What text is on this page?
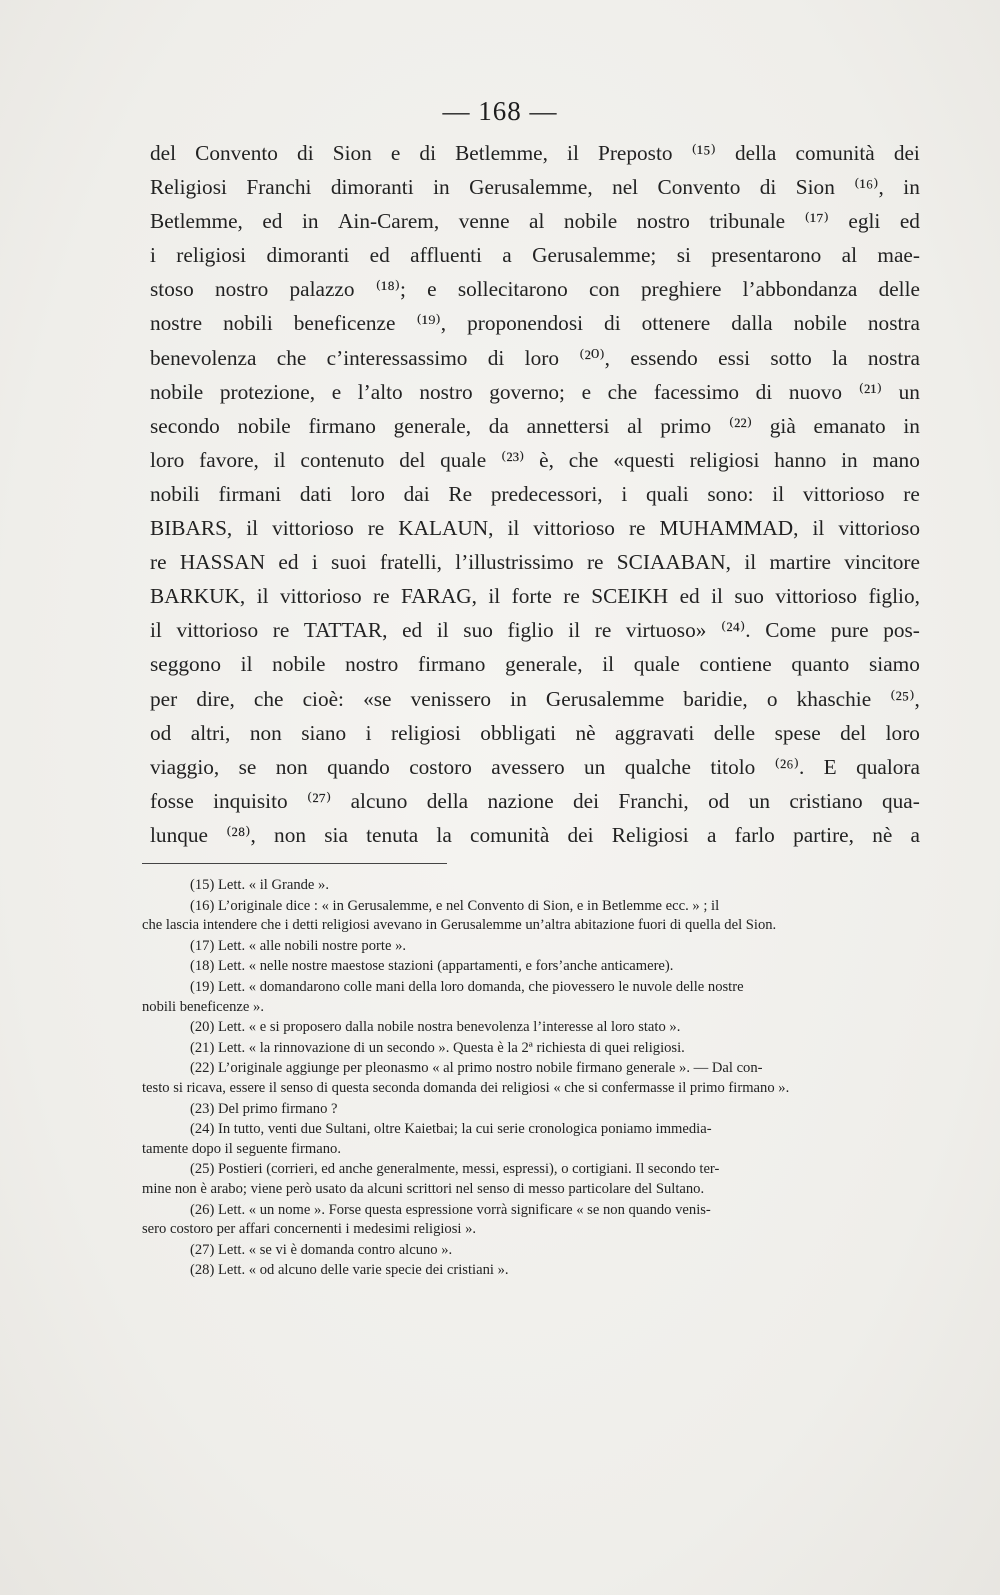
— 168 —
del Convento di Sion e di Betlemme, il Preposto ⁽¹⁵⁾ della comunità dei
Religiosi Franchi dimoranti in Gerusalemme, nel Convento di Sion ⁽¹⁶⁾, in
Betlemme, ed in Ain-Carem, venne al nobile nostro tribunale ⁽¹⁷⁾ egli ed
i religiosi dimoranti ed affluenti a Gerusalemme; si presentarono al mae-
stoso nostro palazzo ⁽¹⁸⁾; e sollecitarono con preghiere l’abbondanza delle
nostre nobili beneficenze ⁽¹⁹⁾, proponendosi di ottenere dalla nobile nostra
benevolenza che c’interessassimo di loro ⁽²⁰⁾, essendo essi sotto la nostra
nobile protezione, e l’alto nostro governo; e che facessimo di nuovo ⁽²¹⁾ un
secondo nobile firmano generale, da annettersi al primo ⁽²²⁾ già emanato in
loro favore, il contenuto del quale ⁽²³⁾ è, che «questi religiosi hanno in mano
nobili firmani dati loro dai Re predecessori, i quali sono: il vittorioso re
BIBARS, il vittorioso re KALAUN, il vittorioso re MUHAMMAD, il vittorioso
re HASSAN ed i suoi fratelli, l’illustrissimo re SCIAABAN, il martire vincitore
BARKUK, il vittorioso re FARAG, il forte re SCEIKH ed il suo vittorioso figlio,
il vittorioso re TATTAR, ed il suo figlio il re virtuoso» ⁽²⁴⁾. Come pure pos-
seggono il nobile nostro firmano generale, il quale contiene quanto siamo
per dire, che cioè: «se venissero in Gerusalemme baridie, o khaschie ⁽²⁵⁾,
od altri, non siano i religiosi obbligati nè aggravati delle spese del loro
viaggio, se non quando costoro avessero un qualche titolo ⁽²⁶⁾. E qualora
fosse inquisito ⁽²⁷⁾ alcuno della nazione dei Franchi, od un cristiano qua-
lunque ⁽²⁸⁾, non sia tenuta la comunità dei Religiosi a farlo partire, nè a
(15) Lett. « il Grande ».
(16) L’originale dice : « in Gerusalemme, e nel Convento di Sion, e in Betlemme ecc. » ; il
che lascia intendere che i detti religiosi avevano in Gerusalemme un’altra abitazione fuori di quella del Sion.
(17) Lett. « alle nobili nostre porte ».
(18) Lett. « nelle nostre maestose stazioni (appartamenti, e fors’anche anticamere).
(19) Lett. « domandarono colle mani della loro domanda, che piovessero le nuvole delle nostre
nobili beneficenze ».
(20) Lett. « e si proposero dalla nobile nostra benevolenza l’interesse al loro stato ».
(21) Lett. « la rinnovazione di un secondo ». Questa è la 2ª richiesta di quei religiosi.
(22) L’originale aggiunge per pleonasmo « al primo nostro nobile firmano generale ». — Dal con-
testo si ricava, essere il senso di questa seconda domanda dei religiosi « che si confermasse il primo firmano ».
(23) Del primo firmano ?
(24) In tutto, venti due Sultani, oltre Kaietbai; la cui serie cronologica poniamo immedia-
tamente dopo il seguente firmano.
(25) Postieri (corrieri, ed anche generalmente, messi, espressi), o cortigiani. Il secondo ter-
mine non è arabo; viene però usato da alcuni scrittori nel senso di messo particolare del Sultano.
(26) Lett. « un nome ». Forse questa espressione vorrà significare « se non quando venis-
sero costoro per affari concernenti i medesimi religiosi ».
(27) Lett. « se vi è domanda contro alcuno ».
(28) Lett. « od alcuno delle varie specie dei cristiani ».
